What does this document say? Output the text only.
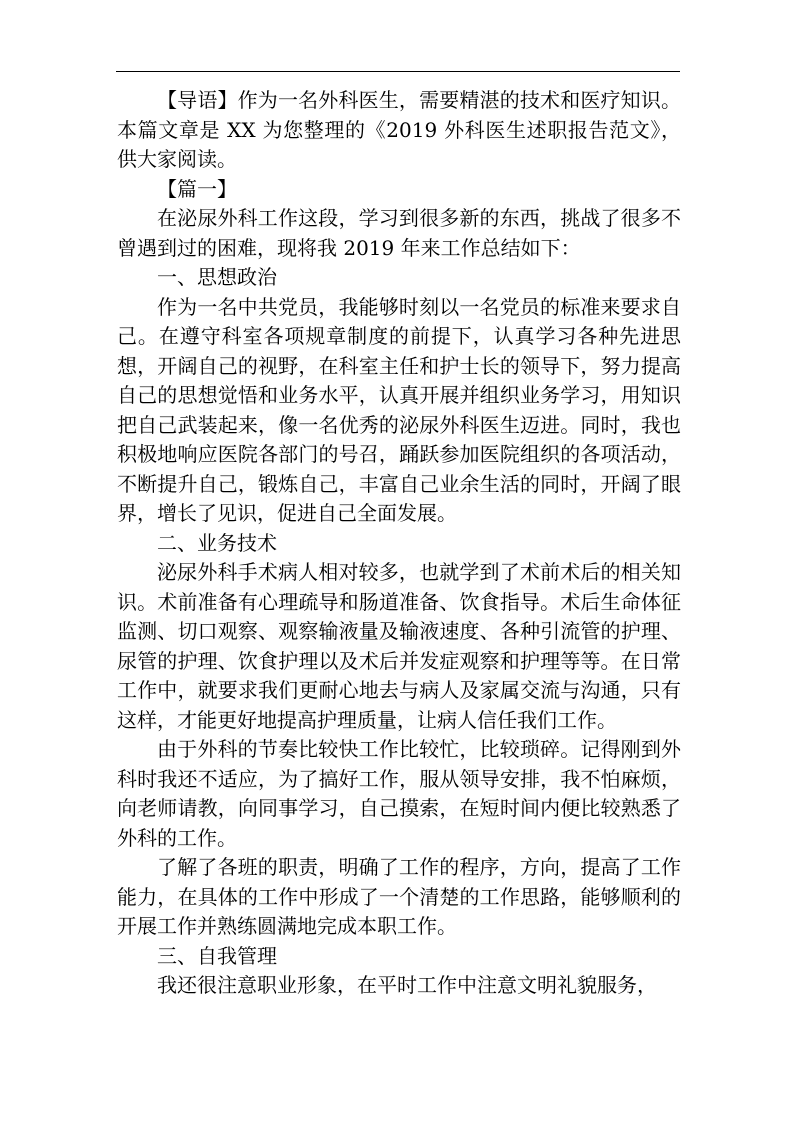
【导语】作为一名外科医生，需要精湛的技术和医疗知识。本篇文章是 XX 为您整理的《2019 外科医生述职报告范文》，供大家阅读。

【篇一】

在泌尿外科工作这段，学习到很多新的东西，挑战了很多不曾遇到过的困难，现将我 2019 年来工作总结如下：

一、思想政治

作为一名中共党员，我能够时刻以一名党员的标准来要求自己。在遵守科室各项规章制度的前提下，认真学习各种先进思想，开阔自己的视野，在科室主任和护士长的领导下，努力提高自己的思想觉悟和业务水平，认真开展并组织业务学习，用知识把自己武装起来，像一名优秀的泌尿外科医生迈进。同时，我也积极地响应医院各部门的号召，踊跃参加医院组织的各项活动，不断提升自己，锻炼自己，丰富自己业余生活的同时，开阔了眼界，增长了见识，促进自己全面发展。

二、业务技术

泌尿外科手术病人相对较多，也就学到了术前术后的相关知识。术前准备有心理疏导和肠道准备、饮食指导。术后生命体征监测、切口观察、观察输液量及输液速度、各种引流管的护理、尿管的护理、饮食护理以及术后并发症观察和护理等等。在日常工作中，就要求我们更耐心地去与病人及家属交流与沟通，只有这样，才能更好地提高护理质量，让病人信任我们工作。

由于外科的节奏比较快工作比较忙，比较琐碎。记得刚到外科时我还不适应，为了搞好工作，服从领导安排，我不怕麻烦，向老师请教，向同事学习，自己摸索，在短时间内便比较熟悉了外科的工作。

了解了各班的职责，明确了工作的程序，方向，提高了工作能力，在具体的工作中形成了一个清楚的工作思路，能够顺利的开展工作并熟练圆满地完成本职工作。

三、自我管理

我还很注意职业形象，在平时工作中注意文明礼貌服务，
